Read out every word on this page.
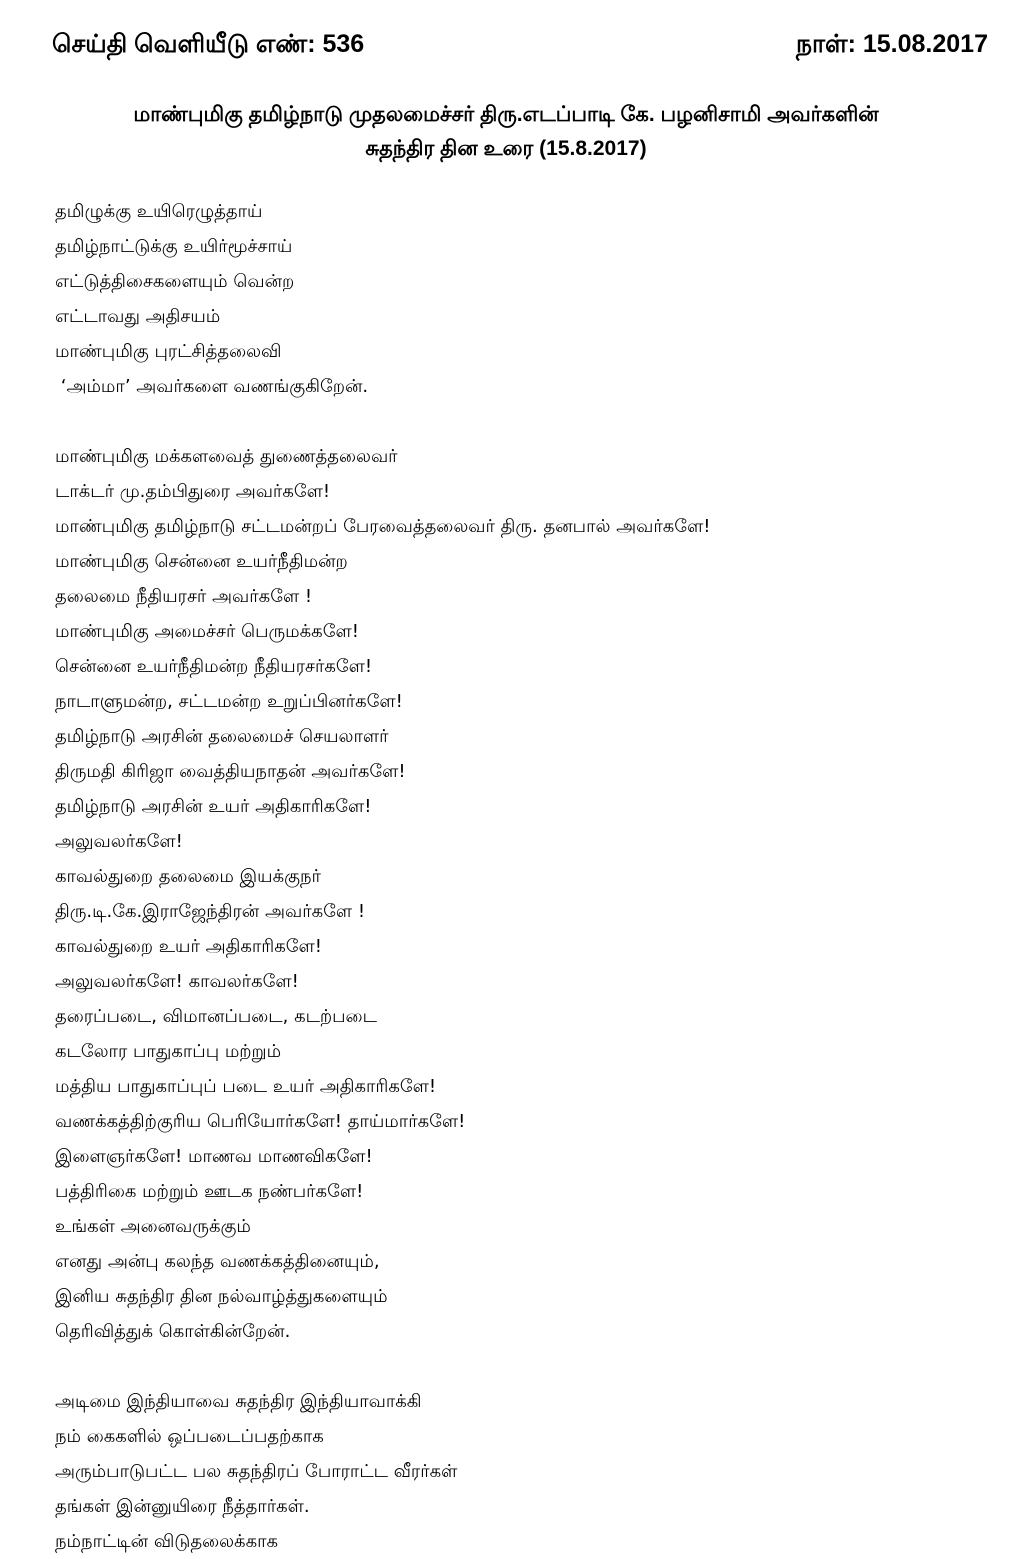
செய்தி வெளியீடு எண்: 536	நாள்: 15.08.2017
மாண்புமிகு தமிழ்நாடு முதலமைச்சர் திரு.எடப்பாடி கே. பழனிசாமி அவர்களின்
சுதந்திர தின உரை (15.8.2017)
தமிழுக்கு உயிரெழுத்தாய்
தமிழ்நாட்டுக்கு உயிர்மூச்சாய்
எட்டுத்திசைகளையும் வென்ற
எட்டாவது அதிசயம்
மாண்புமிகு புரட்சித்தலைவி
‘அம்மா’ அவர்களை வணங்குகிறேன்.
மாண்புமிகு மக்களவைத் துணைத்தலைவர்
டாக்டர் மு.தம்பிதுரை அவர்களே!
மாண்புமிகு தமிழ்நாடு சட்டமன்றப் பேரவைத்தலைவர் திரு. தனபால் அவர்களே!
மாண்புமிகு சென்னை உயர்நீதிமன்ற
தலைமை நீதியரசர் அவர்களே !
மாண்புமிகு அமைச்சர் பெருமக்களே!
சென்னை உயர்நீதிமன்ற நீதியரசர்களே!
நாடாளுமன்ற, சட்டமன்ற உறுப்பினர்களே!
தமிழ்நாடு அரசின் தலைமைச் செயலாளர்
திருமதி கிரிஜா வைத்தியநாதன் அவர்களே!
தமிழ்நாடு அரசின் உயர் அதிகாரிகளே!
அலுவலர்களே!
காவல்துறை தலைமை இயக்குநர்
திரு.டி.கே.இராஜேந்திரன் அவர்களே !
காவல்துறை உயர் அதிகாரிகளே!
அலுவலர்களே! காவலர்களே!
தரைப்படை, விமானப்படை, கடற்படை
கடலோர பாதுகாப்பு மற்றும்
மத்திய பாதுகாப்புப் படை உயர் அதிகாரிகளே!
வணக்கத்திற்குரிய பெரியோர்களே! தாய்மார்களே!
இளைஞர்களே! மாணவ மாணவிகளே!
பத்திரிகை மற்றும் ஊடக நண்பர்களே!
உங்கள் அனைவருக்கும்
எனது அன்பு கலந்த வணக்கத்தினையும்,
இனிய சுதந்திர தின நல்வாழ்த்துகளையும்
தெரிவித்துக் கொள்கின்றேன்.
அடிமை இந்தியாவை சுதந்திர இந்தியாவாக்கி
நம் கைகளில் ஒப்படைப்பதற்காக
அரும்பாடுபட்ட பல சுதந்திரப் போராட்ட வீரர்கள்
தங்கள் இன்னுயிரை நீத்தார்கள்.
நம்நாட்டின் விடுதலைக்காக
